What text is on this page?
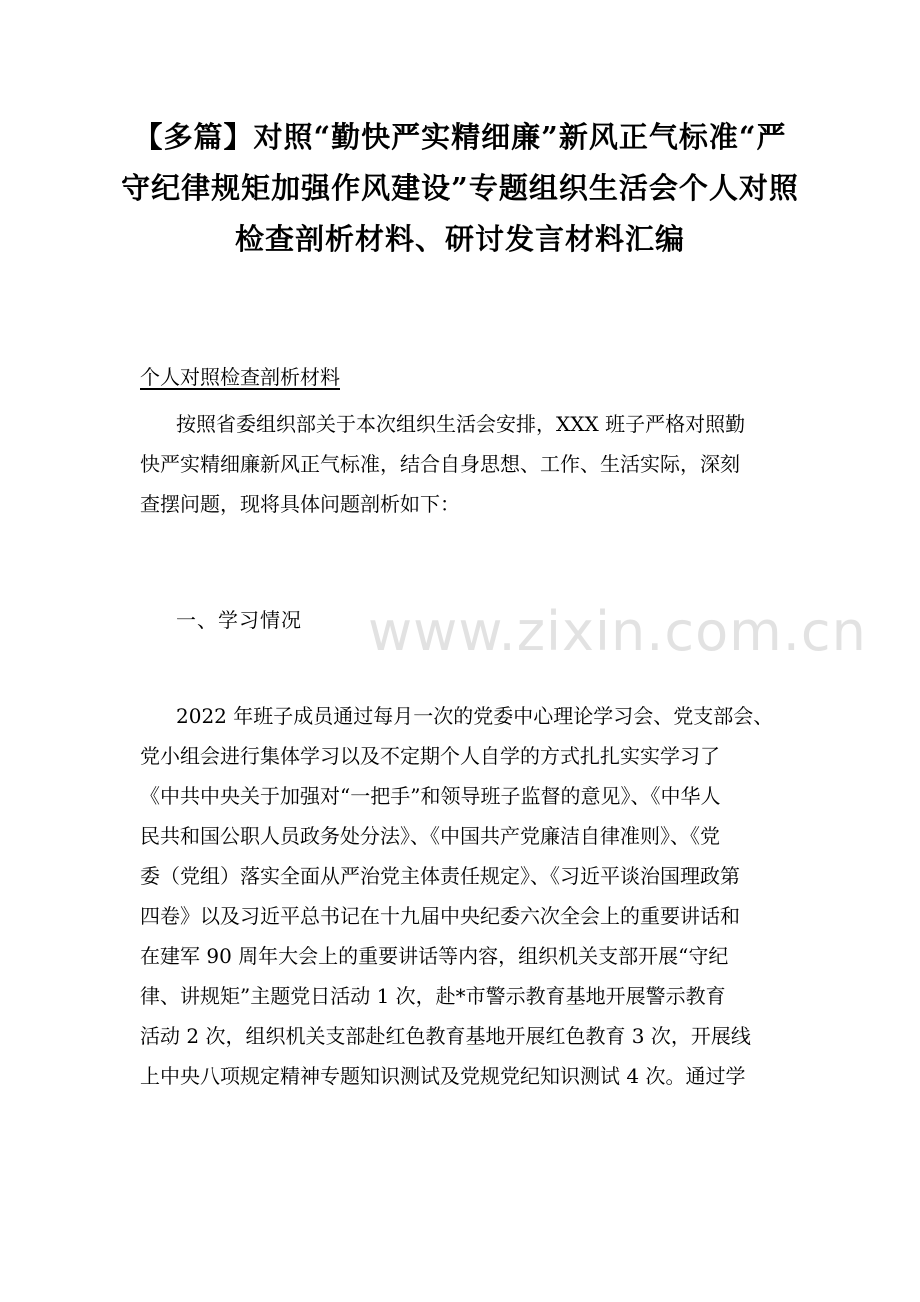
【多篇】对照“勤快严实精细廉”新风正气标准“严
守纪律规矩加强作风建设”专题组织生活会个人对照
检查剖析材料、研讨发言材料汇编
个人对照检查剖析材料
按照省委组织部关于本次组织生活会安排，XXX 班子严格对照勤
快严实精细廉新风正气标准，结合自身思想、工作、生活实际，深刻
查摆问题，现将具体问题剖析如下：
一、学习情况 www.zixin.com.cn
2022 年班子成员通过每月一次的党委中心理论学习会、党支部会、
党小组会进行集体学习以及不定期个人自学的方式扎扎实实学习了
《中共中央关于加强对“一把手”和领导班子监督的意见》、《中华人
民共和国公职人员政务处分法》、《中国共产党廉洁自律准则》、《党
委（党组）落实全面从严治党主体责任规定》、《习近平谈治国理政第
四卷》以及习近平总书记在十九届中央纪委六次全会上的重要讲话和
在建军 90 周年大会上的重要讲话等内容，组织机关支部开展“守纪
律、讲规矩”主题党日活动 1 次，赴*市警示教育基地开展警示教育
活动 2 次，组织机关支部赴红色教育基地开展红色教育 3 次，开展线
上中央八项规定精神专题知识测试及党规党纪知识测试 4 次。通过学
